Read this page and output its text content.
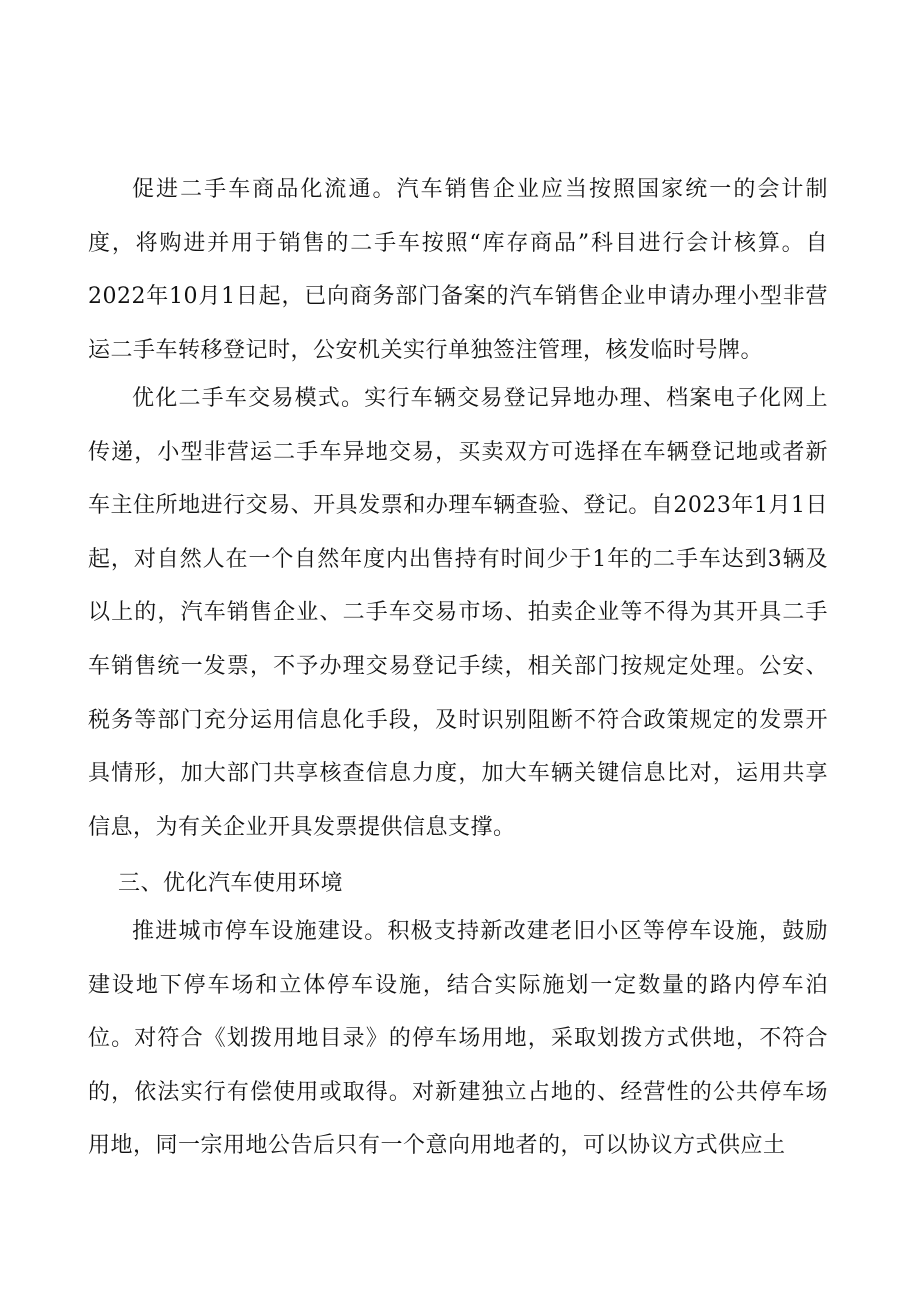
促进二手车商品化流通。汽车销售企业应当按照国家统一的会计制度，将购进并用于销售的二手车按照“库存商品”科目进行会计核算。自2022年10月1日起，已向商务部门备案的汽车销售企业申请办理小型非营运二手车转移登记时，公安机关实行单独签注管理，核发临时号牌。

优化二手车交易模式。实行车辆交易登记异地办理、档案电子化网上传递，小型非营运二手车异地交易，买卖双方可选择在车辆登记地或者新车主住所地进行交易、开具发票和办理车辆查验、登记。自2023年1月1日起，对自然人在一个自然年度内出售持有时间少于1年的二手车达到3辆及以上的，汽车销售企业、二手车交易市场、拍卖企业等不得为其开具二手车销售统一发票，不予办理交易登记手续，相关部门按规定处理。公安、税务等部门充分运用信息化手段，及时识别阻断不符合政策规定的发票开具情形，加大部门共享核查信息力度，加大车辆关键信息比对，运用共享信息，为有关企业开具发票提供信息支撑。

三、优化汽车使用环境

推进城市停车设施建设。积极支持新改建老旧小区等停车设施，鼓励建设地下停车场和立体停车设施，结合实际施划一定数量的路内停车泊位。对符合《划拨用地目录》的停车场用地，采取划拨方式供地，不符合的，依法实行有偿使用或取得。对新建独立占地的、经营性的公共停车场用地，同一宗用地公告后只有一个意向用地者的，可以协议方式供应土
